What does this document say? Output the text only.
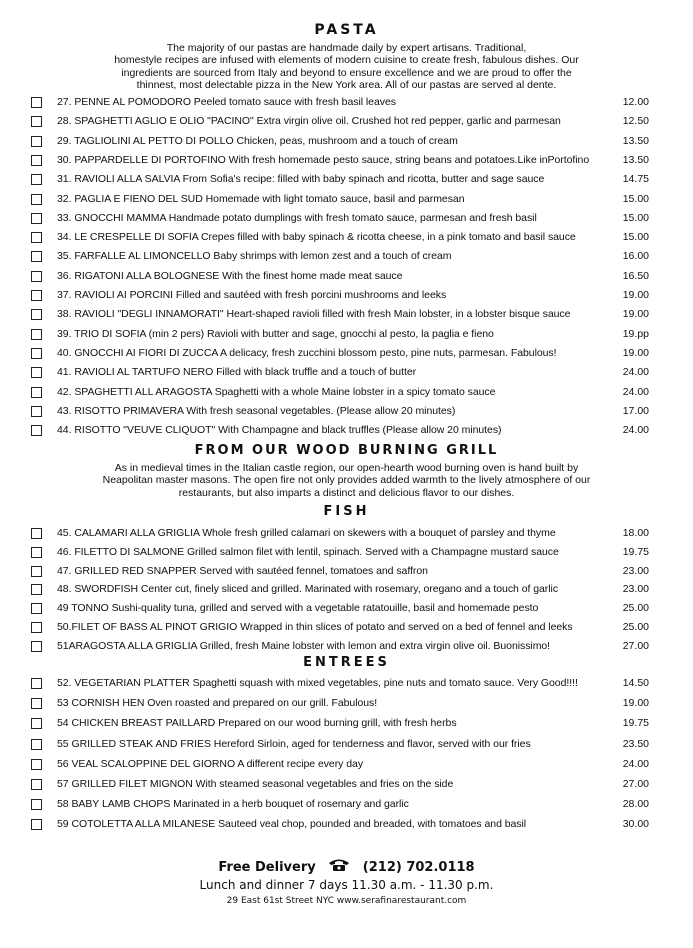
PASTA
The majority of our pastas are handmade daily by expert artisans. Traditional,
homestyle recipes are infused with elements of modern cuisine to create fresh, fabulous dishes. Our
ingredients are sourced from Italy and beyond to ensure excellence and we are proud to offer the
thinnest, most delectable pizza in the New York area. All of our pastas are served al dente.
27. PENNE AL POMODORO Peeled tomato sauce with fresh basil leaves	12.00
28. SPAGHETTI AGLIO E OLIO "PACINO" Extra virgin olive oil. Crushed hot red pepper, garlic and parmesan	12.50
29. TAGLIOLINI AL PETTO DI POLLO Chicken, peas, mushroom and a touch of cream	13.50
30. PAPPARDELLE DI PORTOFINO With fresh homemade pesto sauce, string beans and potatoes.Like inPortofino	13.50
31. RAVIOLI ALLA SALVIA From Sofia's recipe: filled with baby spinach and ricotta, butter and sage sauce	14.75
32. PAGLIA E FIENO DEL SUD Homemade with light tomato sauce, basil and parmesan	15.00
33. GNOCCHI MAMMA Handmade potato dumplings with fresh tomato sauce, parmesan and fresh basil	15.00
34. LE CRESPELLE DI SOFIA Crepes filled with baby spinach & ricotta cheese, in a pink tomato and basil sauce	15.00
35. FARFALLE AL LIMONCELLO Baby shrimps with lemon zest and a touch of cream	16.00
36. RIGATONI ALLA BOLOGNESE With the finest home made meat sauce	16.50
37. RAVIOLI AI PORCINI Filled and sautéed with fresh porcini mushrooms and leeks	19.00
38. RAVIOLI "DEGLI INNAMORATI" Heart-shaped ravioli filled with fresh Main lobster, in a lobster bisque sauce	19.00
39. TRIO DI SOFIA (min 2 pers) Ravioli with butter and sage, gnocchi al pesto, la paglia e fieno	19.pp
40. GNOCCHI AI FIORI DI ZUCCA A delicacy, fresh zucchini blossom pesto, pine nuts, parmesan. Fabulous!	19.00
41. RAVIOLI AL TARTUFO NERO Filled with black truffle and a touch of butter	24.00
42. SPAGHETTI ALL ARAGOSTA Spaghetti with a whole Maine lobster in a spicy tomato sauce	24.00
43. RISOTTO PRIMAVERA With fresh seasonal vegetables. (Please allow 20 minutes)	17.00
44. RISOTTO "VEUVE CLIQUOT" With Champagne and black truffles (Please allow 20 minutes)	24.00
FROM OUR WOOD BURNING GRILL
As in medieval times in the Italian castle region, our open-hearth wood burning oven is hand built by
Neapolitan master masons. The open fire not only provides added warmth to the lively atmosphere of our
restaurants, but also imparts a distinct and delicious flavor to our dishes.
FISH
45. CALAMARI ALLA GRIGLIA Whole fresh grilled calamari on skewers with a bouquet of parsley and thyme	18.00
46. FILETTO DI SALMONE Grilled salmon filet with lentil, spinach. Served with a Champagne mustard sauce	19.75
47. GRILLED RED SNAPPER Served with sautéed fennel, tomatoes and saffron	23.00
48. SWORDFISH Center cut, finely sliced and grilled. Marinated with rosemary, oregano and a touch of garlic	23.00
49 TONNO Sushi-quality tuna, grilled and served with a vegetable ratatouille, basil and homemade pesto	25.00
50.FILET OF BASS AL PINOT GRIGIO Wrapped in thin slices of potato and served on a bed of fennel and leeks	25.00
51ARAGOSTA ALLA GRIGLIA Grilled, fresh Maine lobster with lemon and extra virgin olive oil. Buonissimo!	27.00
ENTREES
52. VEGETARIAN PLATTER Spaghetti squash with mixed vegetables, pine nuts and tomato sauce. Very Good!!!!	14.50
53 CORNISH HEN Oven roasted and prepared on our grill. Fabulous!	19.00
54 CHICKEN BREAST PAILLARD Prepared on our wood burning grill, with fresh herbs	19.75
55 GRILLED STEAK AND FRIES Hereford Sirloin, aged for tenderness and flavor, served with our fries	23.50
56 VEAL SCALOPPINE DEL GIORNO A different recipe every day	24.00
57 GRILLED FILET MIGNON With steamed seasonal vegetables and fries on the side	27.00
58 BABY LAMB CHOPS Marinated in a herb bouquet of rosemary and garlic	28.00
59 COTOLETTA ALLA MILANESE Sauteed veal chop, pounded and breaded, with tomatoes and basil	30.00
Free Delivery	(212) 702.0118
Lunch and dinner 7 days 11.30 a.m. - 11.30 p.m.
29 East 61st Street NYC www.serafinarestaurant.com
